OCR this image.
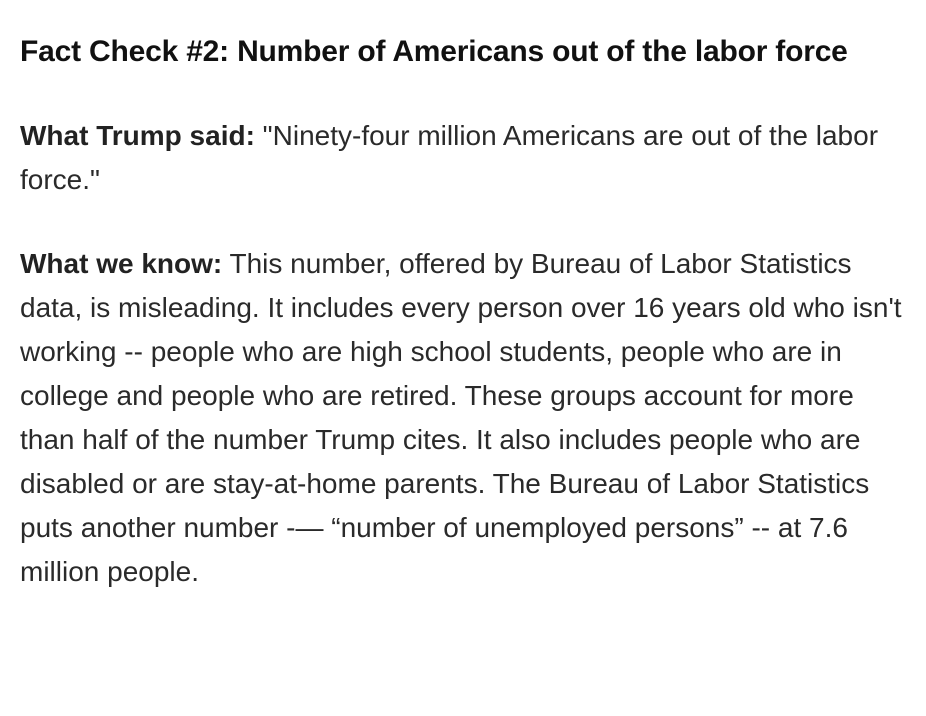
Fact Check #2: Number of Americans out of the labor force

What Trump said: "Ninety-four million Americans are out of the labor force."

What we know: This number, offered by Bureau of Labor Statistics data, is misleading. It includes every person over 16 years old who isn't working -- people who are high school students, people who are in college and people who are retired. These groups account for more than half of the number Trump cites. It also includes people who are disabled or are stay-at-home parents. The Bureau of Labor Statistics puts another number -— “number of unemployed persons” -- at 7.6 million people.
